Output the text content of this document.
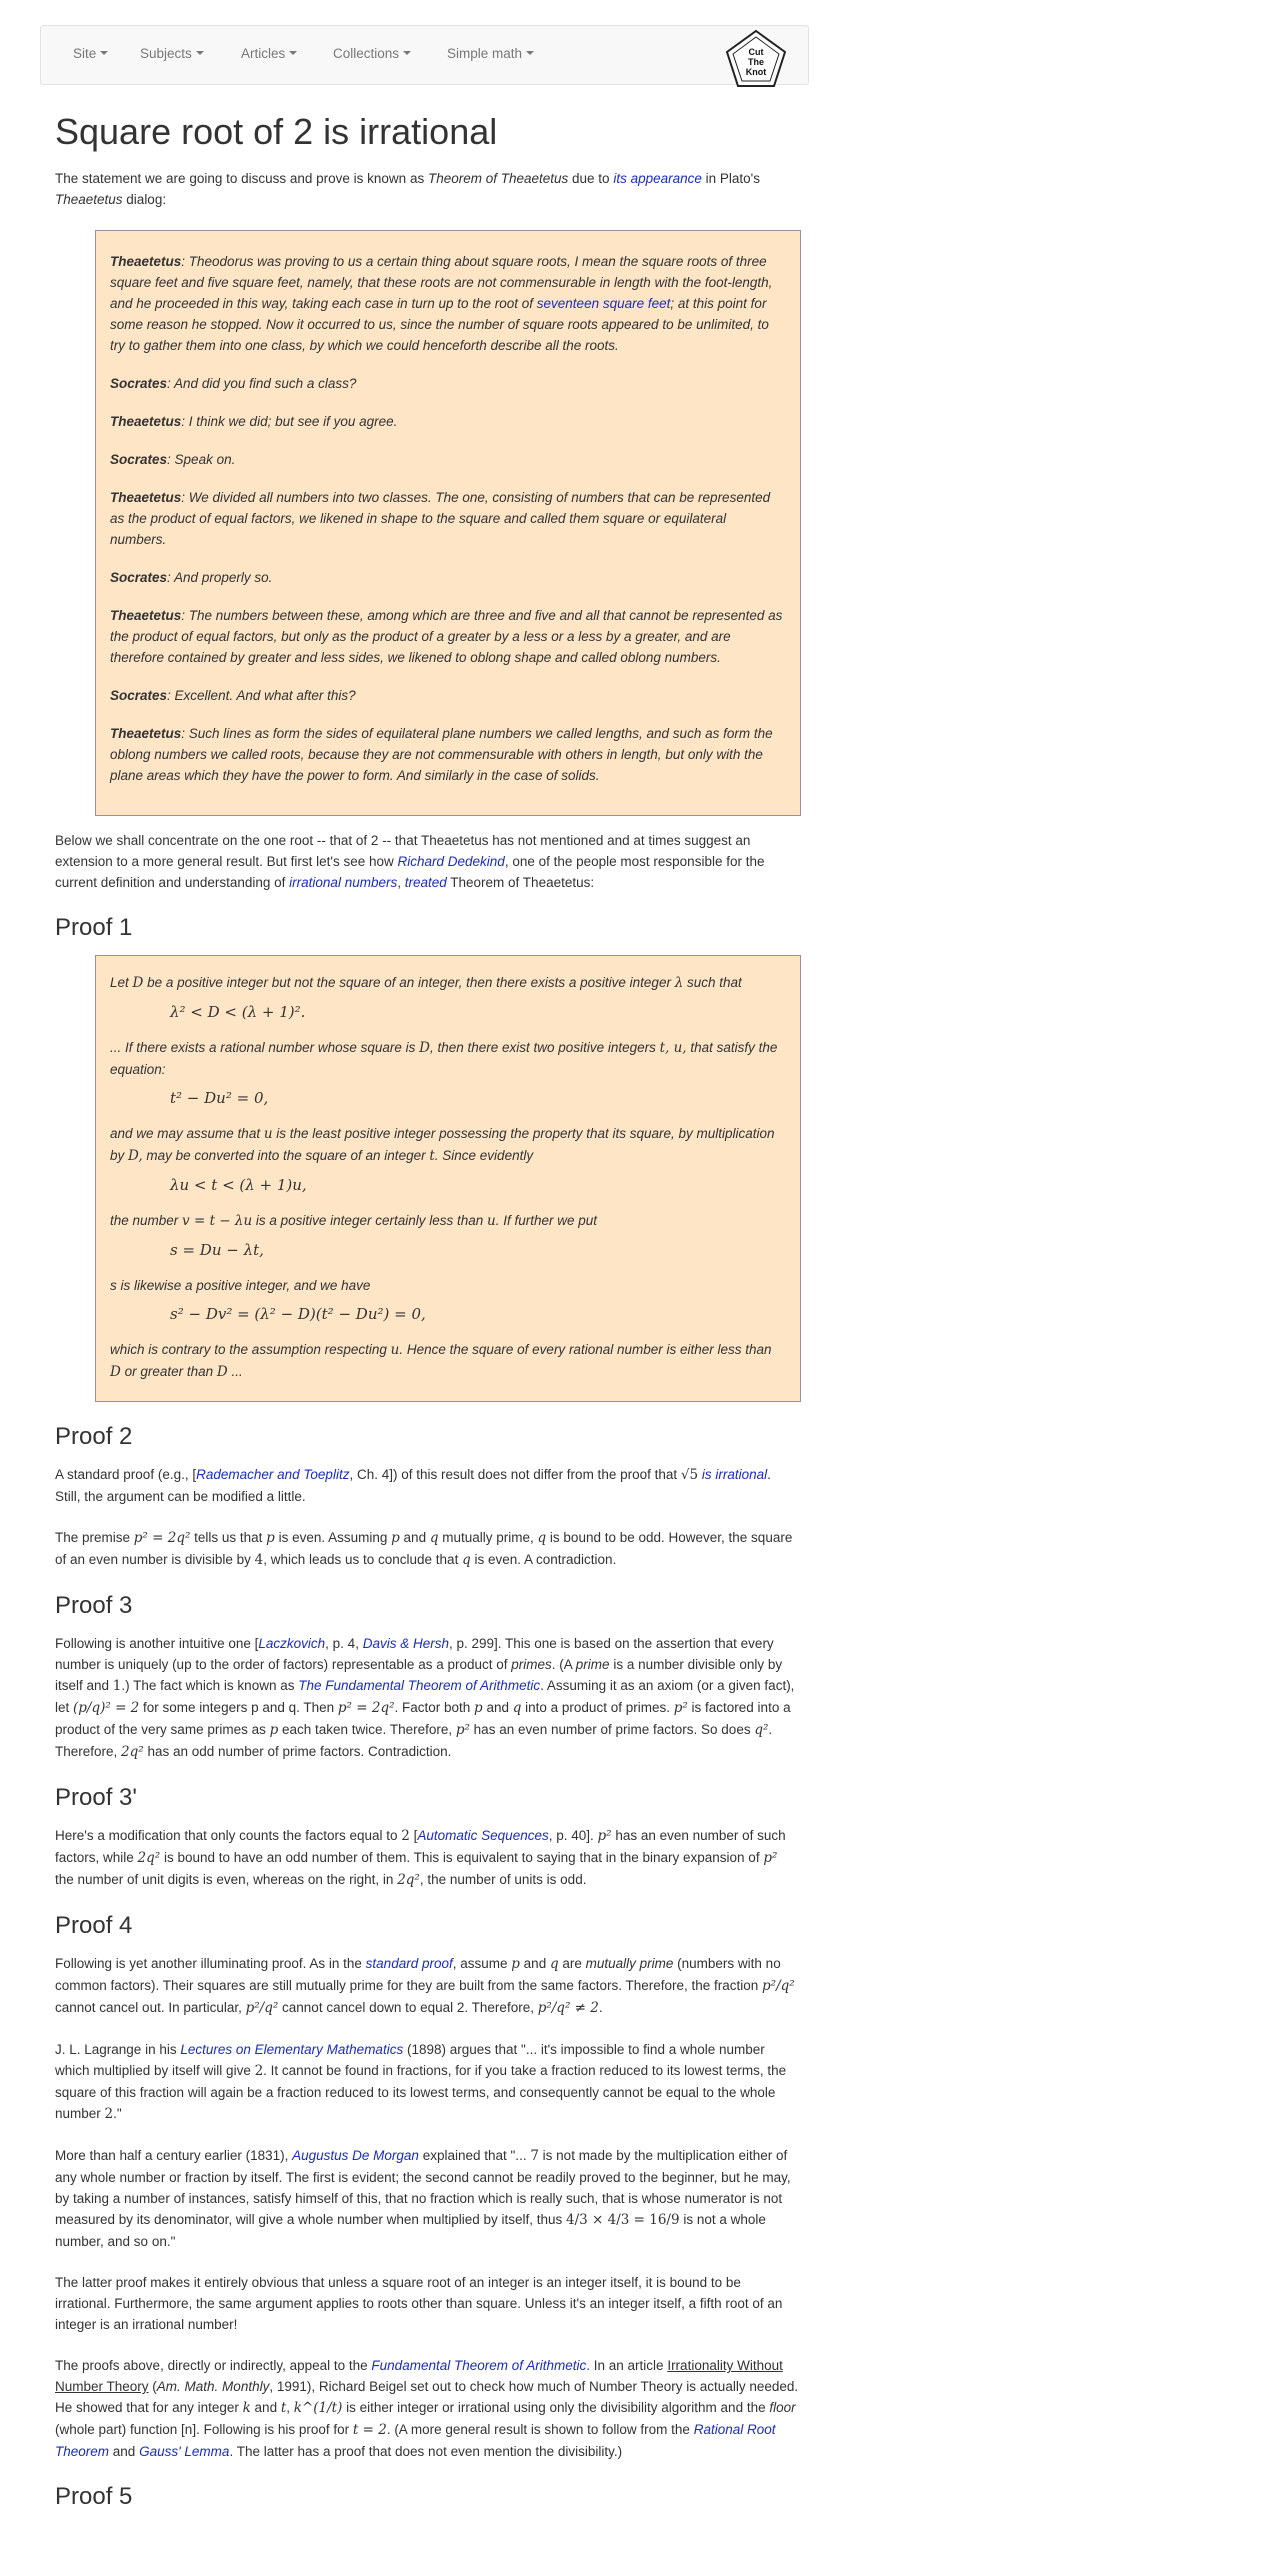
Site	Subjects	Articles	Collections	Simple math	Cut
The
Knot
Square root of 2 is irrational

The statement we are going to discuss and prove is known as Theorem of Theaetetus due to its appearance in Plato's Theaetetus dialog:

Theaetetus: Theodorus was proving to us a certain thing about square roots, I mean the square roots of three square feet and five square feet, namely, that these roots are not commensurable in length with the foot-length, and he proceeded in this way, taking each case in turn up to the root of seventeen square feet; at this point for some reason he stopped. Now it occurred to us, since the number of square roots appeared to be unlimited, to try to gather them into one class, by which we could henceforth describe all the roots.

Socrates: And did you find such a class?

Theaetetus: I think we did; but see if you agree.

Socrates: Speak on.

Theaetetus: We divided all numbers into two classes. The one, consisting of numbers that can be represented as the product of equal factors, we likened in shape to the square and called them square or equilateral numbers.

Socrates: And properly so.

Theaetetus: The numbers between these, among which are three and five and all that cannot be represented as the product of equal factors, but only as the product of a greater by a less or a less by a greater, and are therefore contained by greater and less sides, we likened to oblong shape and called oblong numbers.

Socrates: Excellent. And what after this?

Theaetetus: Such lines as form the sides of equilateral plane numbers we called lengths, and such as form the oblong numbers we called roots, because they are not commensurable with others in length, but only with the plane areas which they have the power to form. And similarly in the case of solids.

Below we shall concentrate on the one root -- that of 2 -- that Theaetetus has not mentioned and at times suggest an extension to a more general result. But first let's see how Richard Dedekind, one of the people most responsible for the current definition and understanding of irrational numbers, treated Theorem of Theaetetus:

Proof 1

Let D be a positive integer but not the square of an integer, then there exists a positive integer λ such that

λ² < D < (λ + 1)².

... If there exists a rational number whose square is D, then there exist two positive integers t, u, that satisfy the equation:

t² − Du² = 0,

and we may assume that u is the least positive integer possessing the property that its square, by multiplication by D, may be converted into the square of an integer t. Since evidently

λu < t < (λ + 1)u,

the number v = t − λu is a positive integer certainly less than u. If further we put

s = Du − λt,

s is likewise a positive integer, and we have

s² − Dv² = (λ² − D)(t² − Du²) = 0,

which is contrary to the assumption respecting u. Hence the square of every rational number is either less than D or greater than D ...

Proof 2

A standard proof (e.g., [Rademacher and Toeplitz, Ch. 4]) of this result does not differ from the proof that √5 is irrational. Still, the argument can be modified a little.

The premise p² = 2q² tells us that p is even. Assuming p and q mutually prime, q is bound to be odd. However, the square of an even number is divisible by 4, which leads us to conclude that q is even. A contradiction.

Proof 3

Following is another intuitive one [Laczkovich, p. 4, Davis & Hersh, p. 299]. This one is based on the assertion that every number is uniquely (up to the order of factors) representable as a product of primes. (A prime is a number divisible only by itself and 1.) The fact which is known as The Fundamental Theorem of Arithmetic. Assuming it as an axiom (or a given fact), let (p/q)² = 2 for some integers p and q. Then p² = 2q². Factor both p and q into a product of primes. p² is factored into a product of the very same primes as p each taken twice. Therefore, p² has an even number of prime factors. So does q². Therefore, 2q² has an odd number of prime factors. Contradiction.

Proof 3'

Here's a modification that only counts the factors equal to 2 [Automatic Sequences, p. 40]. p² has an even number of such factors, while 2q² is bound to have an odd number of them. This is equivalent to saying that in the binary expansion of p² the number of unit digits is even, whereas on the right, in 2q², the number of units is odd.

Proof 4

Following is yet another illuminating proof. As in the standard proof, assume p and q are mutually prime (numbers with no common factors). Their squares are still mutually prime for they are built from the same factors. Therefore, the fraction p²/q² cannot cancel out. In particular, p²/q² cannot cancel down to equal 2. Therefore, p²/q² ≠ 2.

J. L. Lagrange in his Lectures on Elementary Mathematics (1898) argues that "... it's impossible to find a whole number which multiplied by itself will give 2. It cannot be found in fractions, for if you take a fraction reduced to its lowest terms, the square of this fraction will again be a fraction reduced to its lowest terms, and consequently cannot be equal to the whole number 2."

More than half a century earlier (1831), Augustus De Morgan explained that "... 7 is not made by the multiplication either of any whole number or fraction by itself. The first is evident; the second cannot be readily proved to the beginner, but he may, by taking a number of instances, satisfy himself of this, that no fraction which is really such, that is whose numerator is not measured by its denominator, will give a whole number when multiplied by itself, thus 4/3 × 4/3 = 16/9 is not a whole number, and so on."

The latter proof makes it entirely obvious that unless a square root of an integer is an integer itself, it is bound to be irrational. Furthermore, the same argument applies to roots other than square. Unless it's an integer itself, a fifth root of an integer is an irrational number!

The proofs above, directly or indirectly, appeal to the Fundamental Theorem of Arithmetic. In an article Irrationality Without Number Theory (Am. Math. Monthly, 1991), Richard Beigel set out to check how much of Number Theory is actually needed. He showed that for any integer k and t, k^(1/t) is either integer or irrational using only the divisibility algorithm and the floor (whole part) function [n]. Following is his proof for t = 2. (A more general result is shown to follow from the Rational Root Theorem and Gauss' Lemma. The latter has a proof that does not even mention the divisibility.)

Proof 5
